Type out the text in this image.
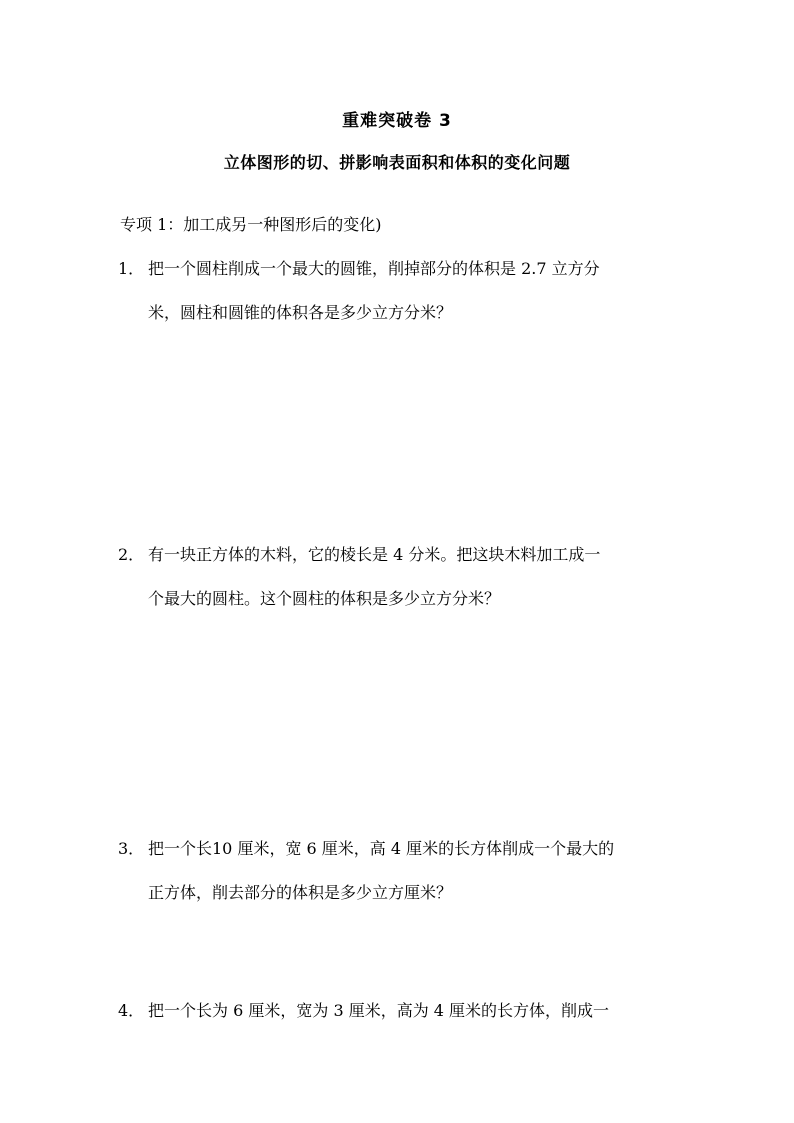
重难突破卷 3
立体图形的切、拼影响表面积和体积的变化问题
专项 1：加工成另一种图形后的变化)
1． 把一个圆柱削成一个最大的圆锥，削掉部分的体积是 2.7 立方分
米，圆柱和圆锥的体积各是多少立方分米？
2． 有一块正方体的木料，它的棱长是 4 分米。把这块木料加工成一
个最大的圆柱。这个圆柱的体积是多少立方分米？
3． 把一个长10 厘米，宽 6 厘米，高 4 厘米的长方体削成一个最大的
正方体，削去部分的体积是多少立方厘米？
4． 把一个长为 6 厘米，宽为 3 厘米，高为 4 厘米的长方体，削成一
